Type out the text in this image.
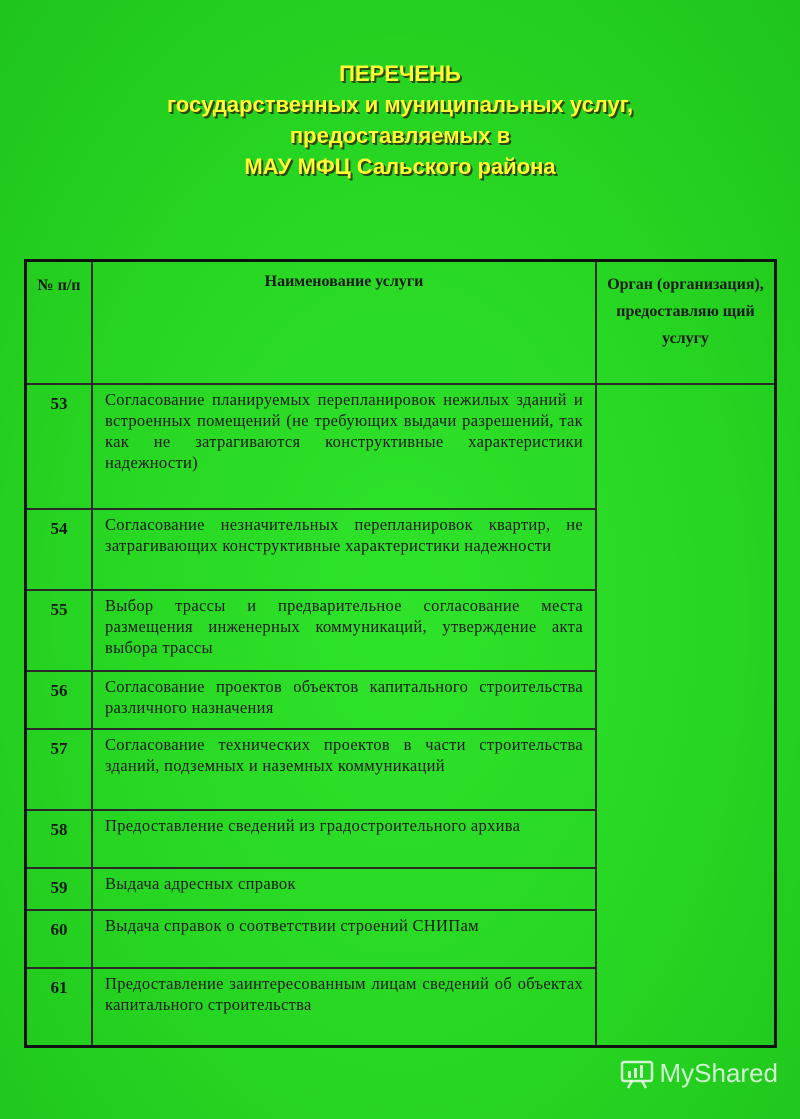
ПЕРЕЧЕНЬ
государственных и муниципальных услуг,
предоставляемых в
МАУ МФЦ Сальского района
№ п/п	Наименование услуги	Орган (организация), предоставляю щий услугу
53	Согласование планируемых перепланировок нежилых зданий и встроенных помещений (не требующих выдачи разрешений, так как не затрагиваются конструктивные характеристики надежности)	
54	Согласование незначительных перепланировок квартир, не затрагивающих конструктивные характеристики надежности	
55	Выбор трассы и предварительное согласование места размещения инженерных коммуникаций, утверждение акта выбора трассы	
56	Согласование проектов объектов капитального строительства различного назначения	
57	Согласование технических проектов в части строительства зданий, подземных и наземных коммуникаций	
58	Предоставление сведений из градостроительного архива	
59	Выдача адресных справок	
60	Выдача справок о соответствии строений СНИПам	
61	Предоставление заинтересованным лицам сведений об объектах капитального строительства	
MyShared
